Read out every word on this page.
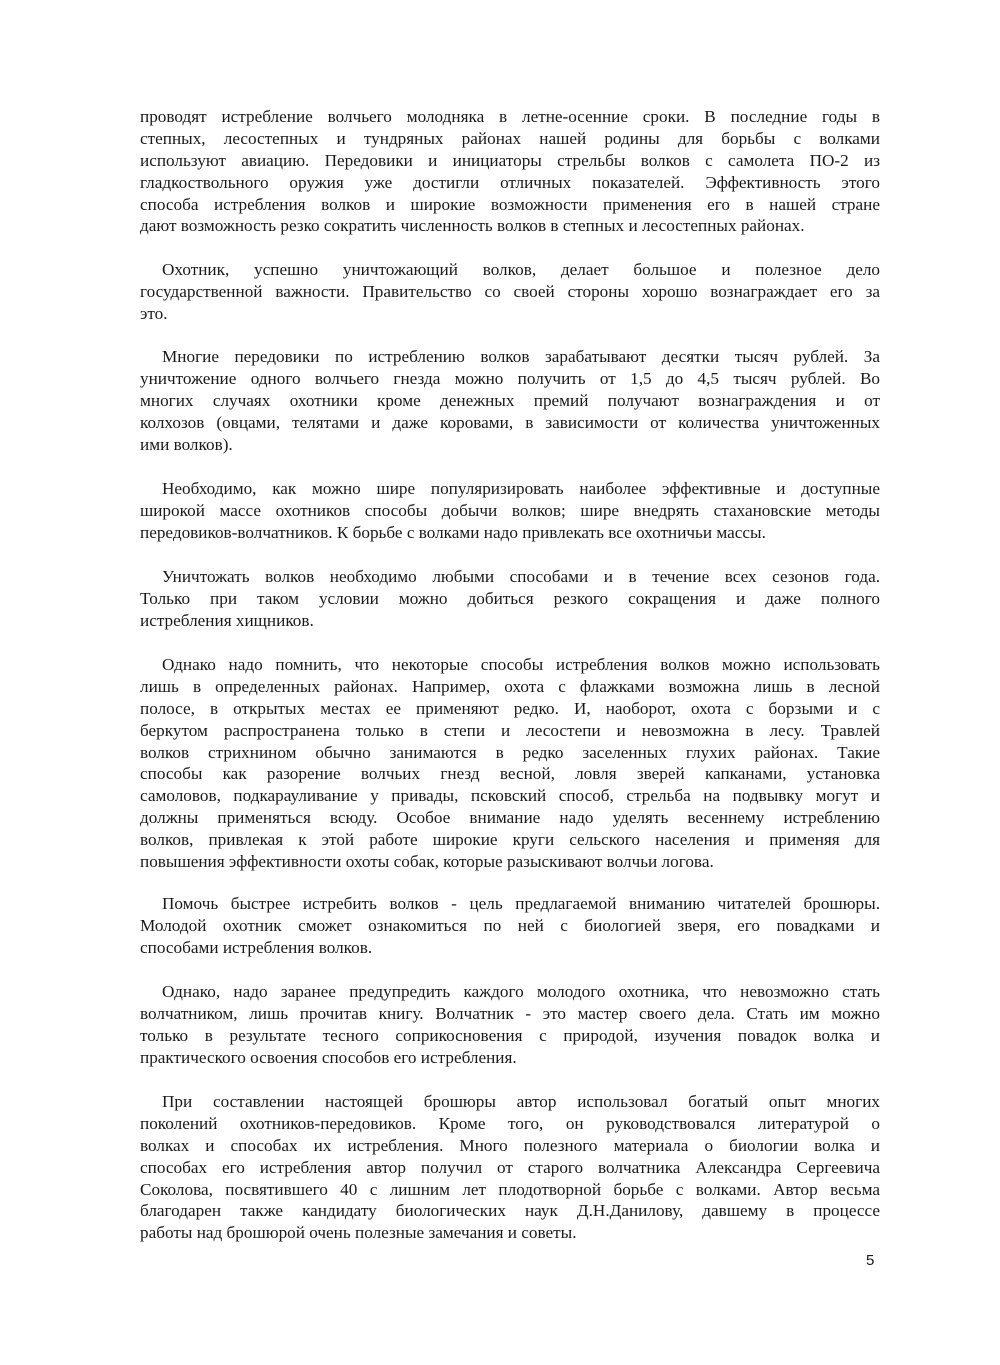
проводят истребление волчьего молодняка в летне-осенние сроки. В последние годы в
степных, лесостепных и тундряных районах нашей родины для борьбы с волками
используют авиацию. Передовики и инициаторы стрельбы волков с самолета ПО-2 из
гладкоствольного оружия уже достигли отличных показателей. Эффективность этого
способа истребления волков и широкие возможности применения его в нашей стране
дают возможность резко сократить численность волков в степных и лесостепных районах.
Охотник, успешно уничтожающий волков, делает большое и полезное дело
государственной важности. Правительство со своей стороны хорошо вознаграждает его за
это.
Многие передовики по истреблению волков зарабатывают десятки тысяч рублей. За
уничтожение одного волчьего гнезда можно получить от 1,5 до 4,5 тысяч рублей. Во
многих случаях охотники кроме денежных премий получают вознаграждения и от
колхозов (овцами, телятами и даже коровами, в зависимости от количества уничтоженных
ими волков).
Необходимо, как можно шире популяризировать наиболее эффективные и доступные
широкой массе охотников способы добычи волков; шире внедрять стахановские методы
передовиков-волчатников. К борьбе с волками надо привлекать все охотничьи массы.
Уничтожать волков необходимо любыми способами и в течение всех сезонов года.
Только при таком условии можно добиться резкого сокращения и даже полного
истребления хищников.
Однако надо помнить, что некоторые способы истребления волков можно использовать
лишь в определенных районах. Например, охота с флажками возможна лишь в лесной
полосе, в открытых местах ее применяют редко. И, наоборот, охота с борзыми и с
беркутом распространена только в степи и лесостепи и невозможна в лесу. Травлей
волков стрихнином обычно занимаются в редко заселенных глухих районах. Такие
способы как разорение волчьих гнезд весной, ловля зверей капканами, установка
самоловов, подкарауливание у привады, псковский способ, стрельба на подвывку могут и
должны применяться всюду. Особое внимание надо уделять весеннему истреблению
волков, привлекая к этой работе широкие круги сельского населения и применяя для
повышения эффективности охоты собак, которые разыскивают волчьи логова.
Помочь быстрее истребить волков - цель предлагаемой вниманию читателей брошюры.
Молодой охотник сможет ознакомиться по ней с биологией зверя, его повадками и
способами истребления волков.
Однако, надо заранее предупредить каждого молодого охотника, что невозможно стать
волчатником, лишь прочитав книгу. Волчатник - это мастер своего дела. Стать им можно
только в результате тесного соприкосновения с природой, изучения повадок волка и
практического освоения способов его истребления.
При составлении настоящей брошюры автор использовал богатый опыт многих
поколений охотников-передовиков. Кроме того, он руководствовался литературой о
волках и способах их истребления. Много полезного материала о биологии волка и
способах его истребления автор получил от старого волчатника Александра Сергеевича
Соколова, посвятившего 40 с лишним лет плодотворной борьбе с волками. Автор весьма
благодарен также кандидату биологических наук Д.Н.Данилову, давшему в процессе
работы над брошюрой очень полезные замечания и советы.
5
